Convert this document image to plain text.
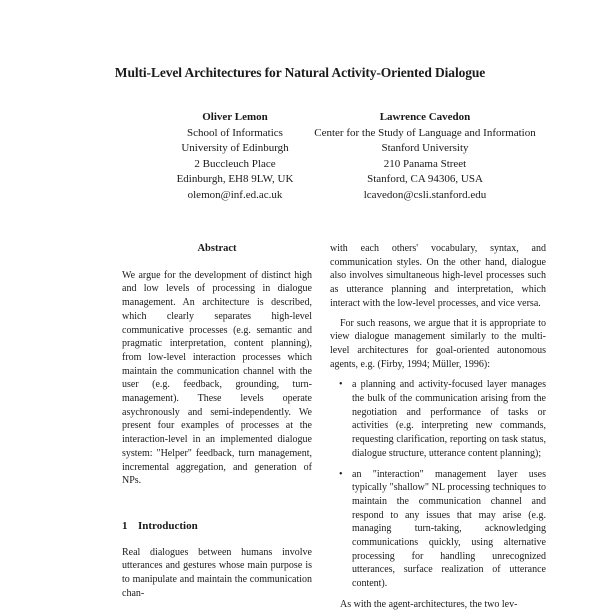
Multi-Level Architectures for Natural Activity-Oriented Dialogue
Oliver Lemon
School of Informatics
University of Edinburgh
2 Buccleuch Place
Edinburgh, EH8 9LW, UK
olemon@inf.ed.ac.uk
Lawrence Cavedon
Center for the Study of Language and Information
Stanford University
210 Panama Street
Stanford, CA 94306, USA
lcavedon@csli.stanford.edu
Abstract

We argue for the development of distinct high and low levels of processing in dialogue management. An architecture is described, which clearly separates high-level communicative processes (e.g. semantic and pragmatic interpretation, content planning), from low-level interaction processes which maintain the communication channel with the user (e.g. feedback, grounding, turn-management). These levels operate asychronously and semi-independently. We present four examples of processes at the interaction-level in an implemented dialogue system: "Helper" feedback, turn management, incremental aggregation, and generation of NPs.

1 Introduction

Real dialogues between humans involve utterances and gestures whose main purpose is to manipulate and maintain the communication chan-

with each others' vocabulary, syntax, and communication styles. On the other hand, dialogue also involves simultaneous high-level processes such as utterance planning and interpretation, which interact with the low-level processes, and vice versa.

For such reasons, we argue that it is appropriate to view dialogue management similarly to the multi-level architectures for goal-oriented autonomous agents, e.g. (Firby, 1994; Müller, 1996):

• a planning and activity-focused layer manages the bulk of the communication arising from the negotiation and performance of tasks or activities (e.g. interpreting new commands, requesting clarification, reporting on task status, dialogue structure, utterance content planning);
• an "interaction" management layer uses typically "shallow" NL processing techniques to maintain the communication channel and respond to any issues that may arise (e.g. managing turn-taking, acknowledging communications quickly, using alternative processing for handling unrecognized utterances, surface realization of utterance content).

As with the agent-architectures, the two lev-
